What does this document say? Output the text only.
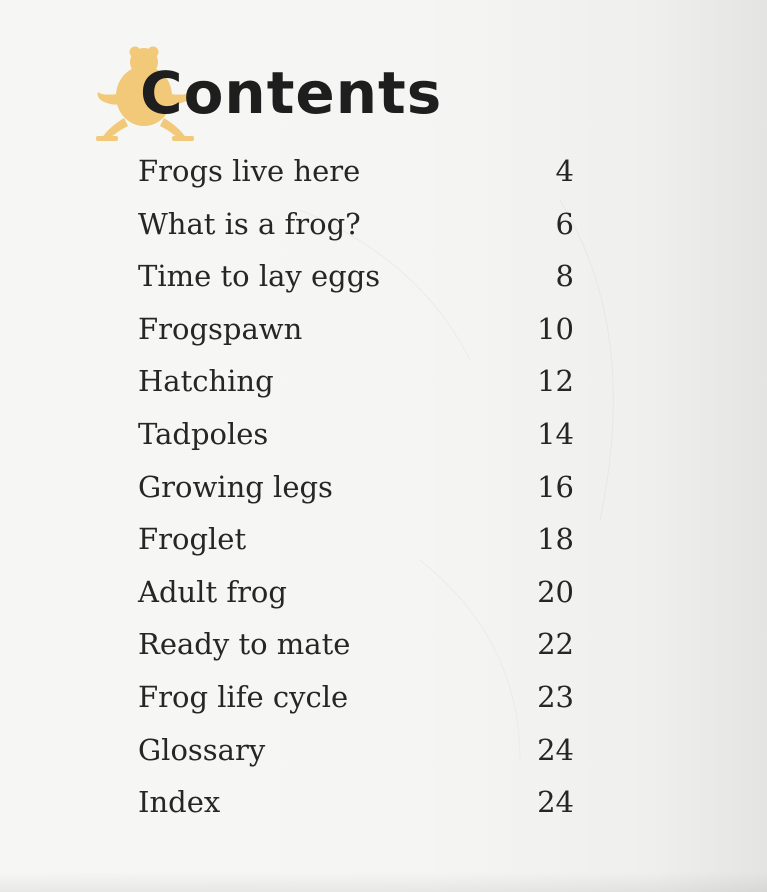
Contents
Frogs live here	4
What is a frog?	6
Time to lay eggs	8
Frogspawn	10
Hatching	12
Tadpoles	14
Growing legs	16
Froglet	18
Adult frog	20
Ready to mate	22
Frog life cycle	23
Glossary	24
Index	24
